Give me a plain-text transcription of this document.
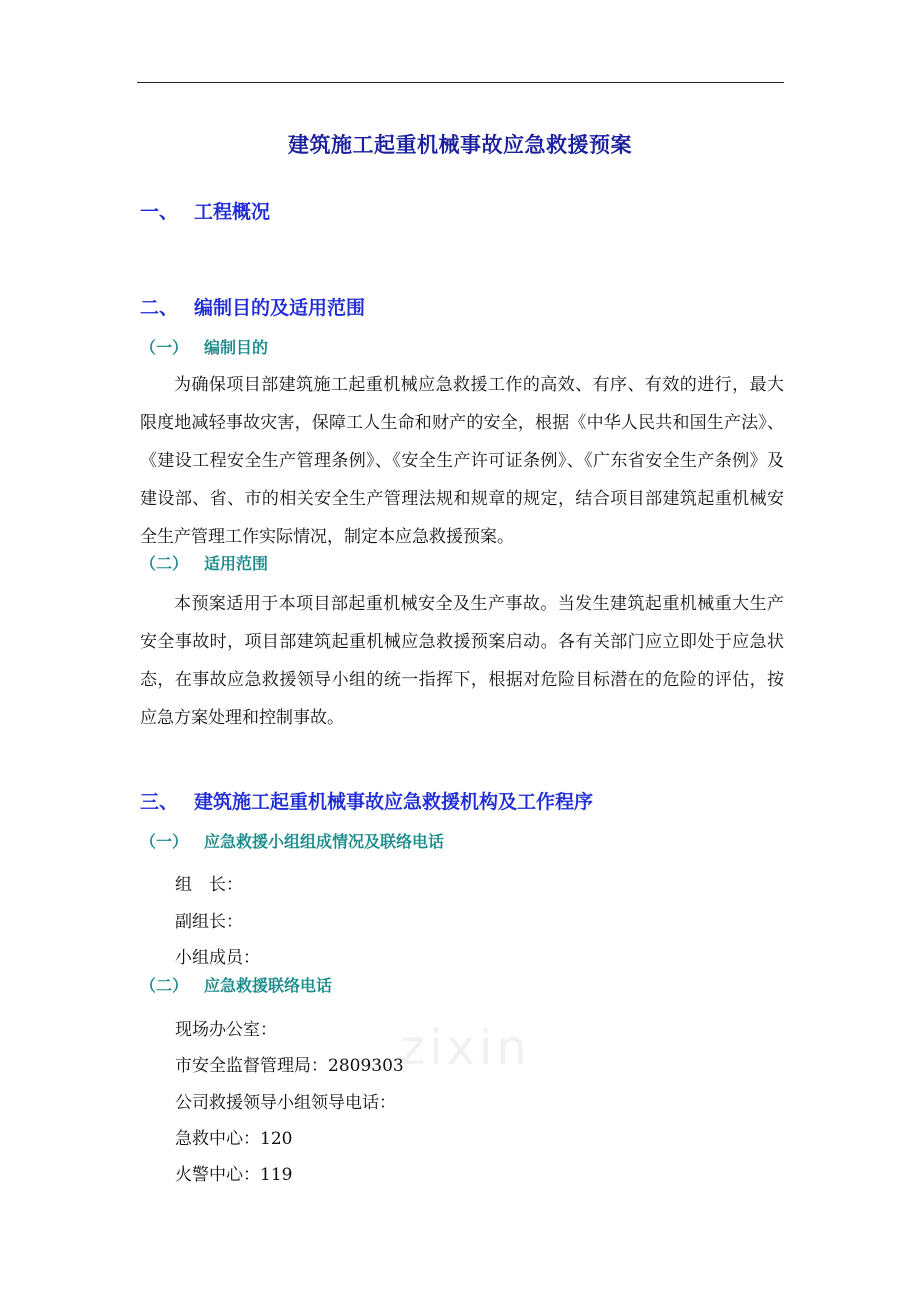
建筑施工起重机械事故应急救援预案
一、 工程概况
二、 编制目的及适用范围
（一） 编制目的
为确保项目部建筑施工起重机械应急救援工作的高效、有序、有效的进行，最大限度地减轻事故灾害，保障工人生命和财产的安全，根据《中华人民共和国生产法》、《建设工程安全生产管理条例》、《安全生产许可证条例》、《广东省安全生产条例》及建设部、省、市的相关安全生产管理法规和规章的规定，结合项目部建筑起重机械安全生产管理工作实际情况，制定本应急救援预案。
（二） 适用范围
本预案适用于本项目部起重机械安全及生产事故。当发生建筑起重机械重大生产安全事故时，项目部建筑起重机械应急救援预案启动。各有关部门应立即处于应急状态，在事故应急救援领导小组的统一指挥下，根据对危险目标潜在的危险的评估，按应急方案处理和控制事故。
三、 建筑施工起重机械事故应急救援机构及工作程序
（一） 应急救援小组组成情况及联络电话
组　长：
副组长：
小组成员：
（二） 应急救援联络电话
现场办公室：
市安全监督管理局：2809303
公司救援领导小组领导电话：
急救中心：120
火警中心：119
zixin
